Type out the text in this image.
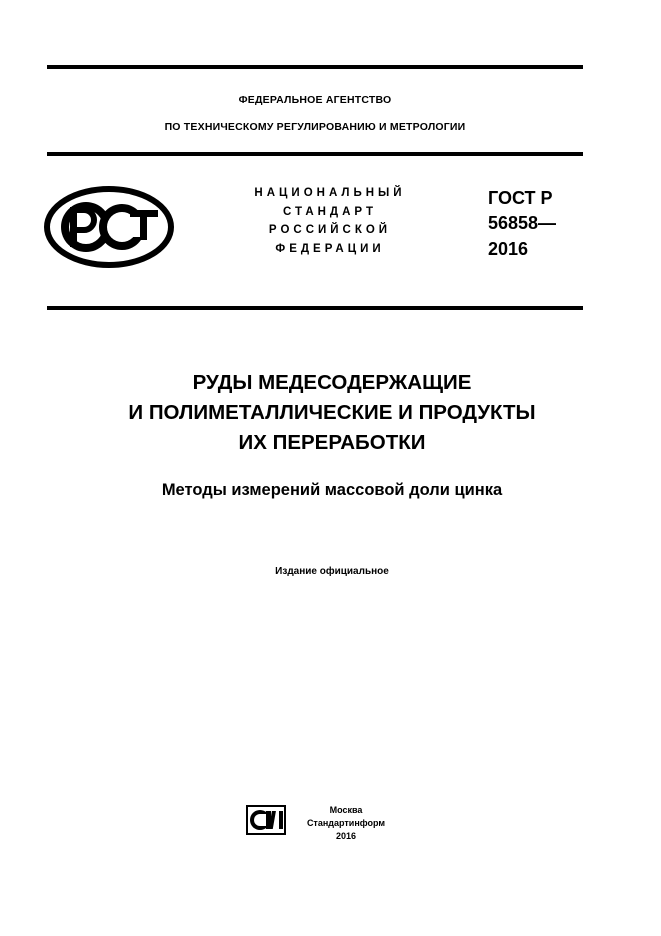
ФЕДЕРАЛЬНОЕ АГЕНТСТВО
ПО ТЕХНИЧЕСКОМУ РЕГУЛИРОВАНИЮ И МЕТРОЛОГИИ
НАЦИОНАЛЬНЫЙ
СТАНДАРТ
РОССИЙСКОЙ
ФЕДЕРАЦИИ
ГОСТ Р
56858—
2016
РУДЫ МЕДЕСОДЕРЖАЩИЕ
И ПОЛИМЕТАЛЛИЧЕСКИЕ И ПРОДУКТЫ
ИХ ПЕРЕРАБОТКИ
Методы измерений массовой доли цинка
Издание официальное
Москва
Стандартинформ
2016
